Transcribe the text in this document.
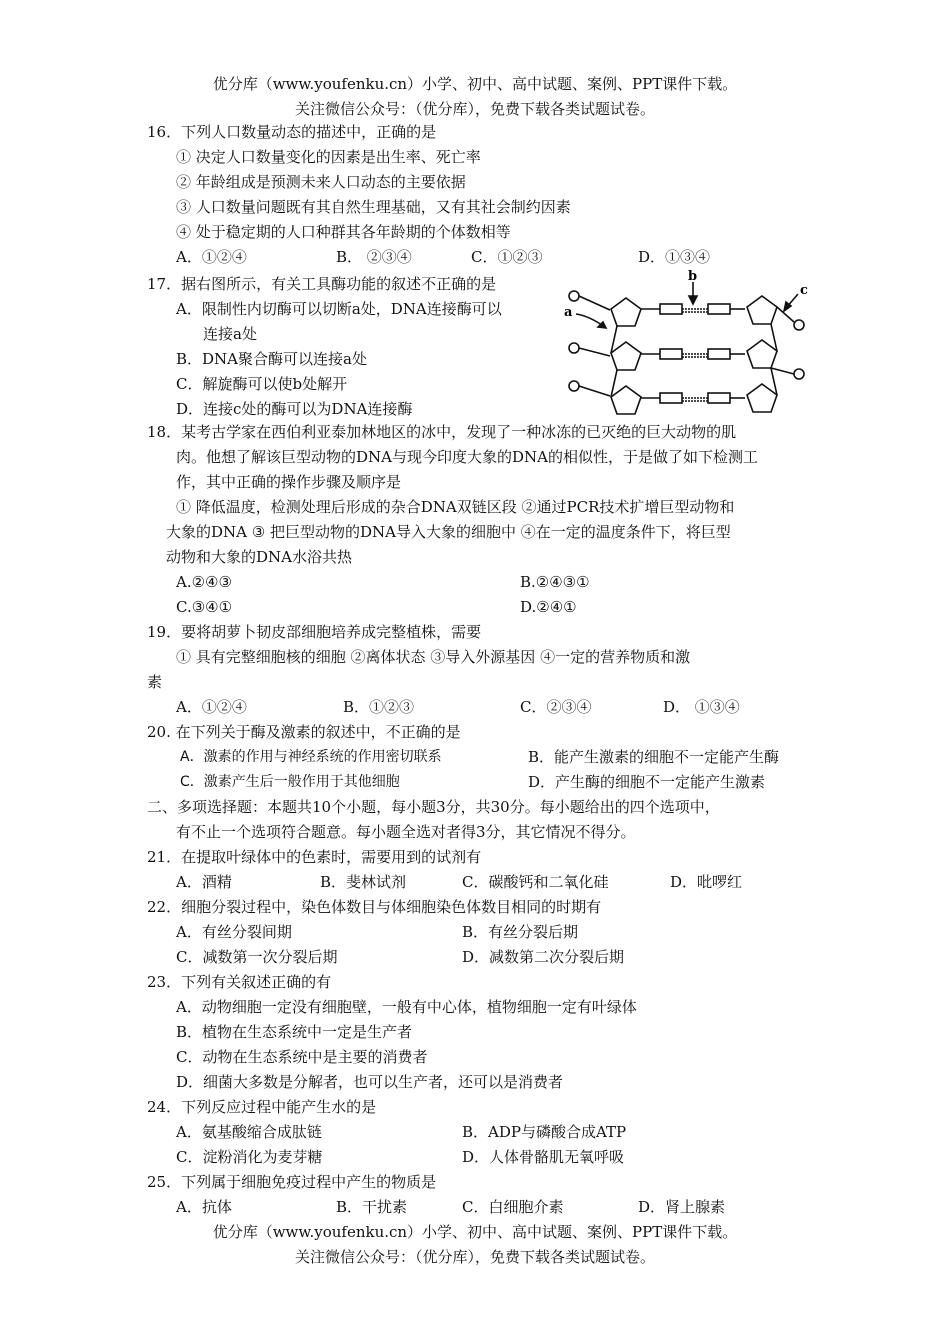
优分库（www.youfenku.cn）小学、初中、高中试题、案例、PPT课件下载。
关注微信公众号：（优分库），免费下载各类试题试卷。
16．下列人口数量动态的描述中，正确的是
① 决定人口数量变化的因素是出生率、死亡率
② 年龄组成是预测未来人口动态的主要依据
③ 人口数量问题既有其自然生理基础，又有其社会制约因素
④ 处于稳定期的人口种群其各年龄期的个体数相等
A．①②④	B． ②③④	C．①②③	D．①③④
17．据右图所示，有关工具酶功能的叙述不正确的是
A．限制性内切酶可以切断a处，DNA连接酶可以
连接a处
B．DNA聚合酶可以连接a处
C．解旋酶可以使b处解开
D．连接c处的酶可以为DNA连接酶
a
b
c
18．某考古学家在西伯利亚泰加林地区的冰中，发现了一种冰冻的已灭绝的巨大动物的肌
肉。他想了解该巨型动物的DNA与现今印度大象的DNA的相似性，于是做了如下检测工
作，其中正确的操作步骤及顺序是
① 降低温度，检测处理后形成的杂合DNA双链区段 ②通过PCR技术扩增巨型动物和
大象的DNA ③ 把巨型动物的DNA导入大象的细胞中 ④在一定的温度条件下，将巨型
动物和大象的DNA水浴共热
A.②④③	B.②④③①
C.③④①	D.②④①
19．要将胡萝卜韧皮部细胞培养成完整植株，需要
① 具有完整细胞核的细胞 ②离体状态 ③导入外源基因 ④一定的营养物质和激
素
A．①②④	B．①②③	C．②③④	D． ①③④
20. 在下列关于酶及激素的叙述中，不正确的是
A．激素的作用与神经系统的作用密切联系	B．能产生激素的细胞不一定能产生酶
C．激素产生后一般作用于其他细胞	D．产生酶的细胞不一定能产生激素
二、多项选择题：本题共10个小题，每小题3分，共30分。每小题给出的四个选项中，
有不止一个选项符合题意。每小题全选对者得3分，其它情况不得分。
21．在提取叶绿体中的色素时，需要用到的试剂有
A．酒精	B．斐林试剂	C．碳酸钙和二氧化硅	D．吡啰红
22．细胞分裂过程中，染色体数目与体细胞染色体数目相同的时期有
A．有丝分裂间期	B．有丝分裂后期
C．减数第一次分裂后期	D．减数第二次分裂后期
23．下列有关叙述正确的有
A．动物细胞一定没有细胞壁，一般有中心体，植物细胞一定有叶绿体
B．植物在生态系统中一定是生产者
C．动物在生态系统中是主要的消费者
D．细菌大多数是分解者，也可以生产者，还可以是消费者
24．下列反应过程中能产生水的是
A．氨基酸缩合成肽链	B．ADP与磷酸合成ATP
C．淀粉消化为麦芽糖	D．人体骨骼肌无氧呼吸
25．下列属于细胞免疫过程中产生的物质是
A．抗体	B．干扰素	C．白细胞介素	D．肾上腺素
优分库（www.youfenku.cn）小学、初中、高中试题、案例、PPT课件下载。
关注微信公众号：（优分库），免费下载各类试题试卷。
